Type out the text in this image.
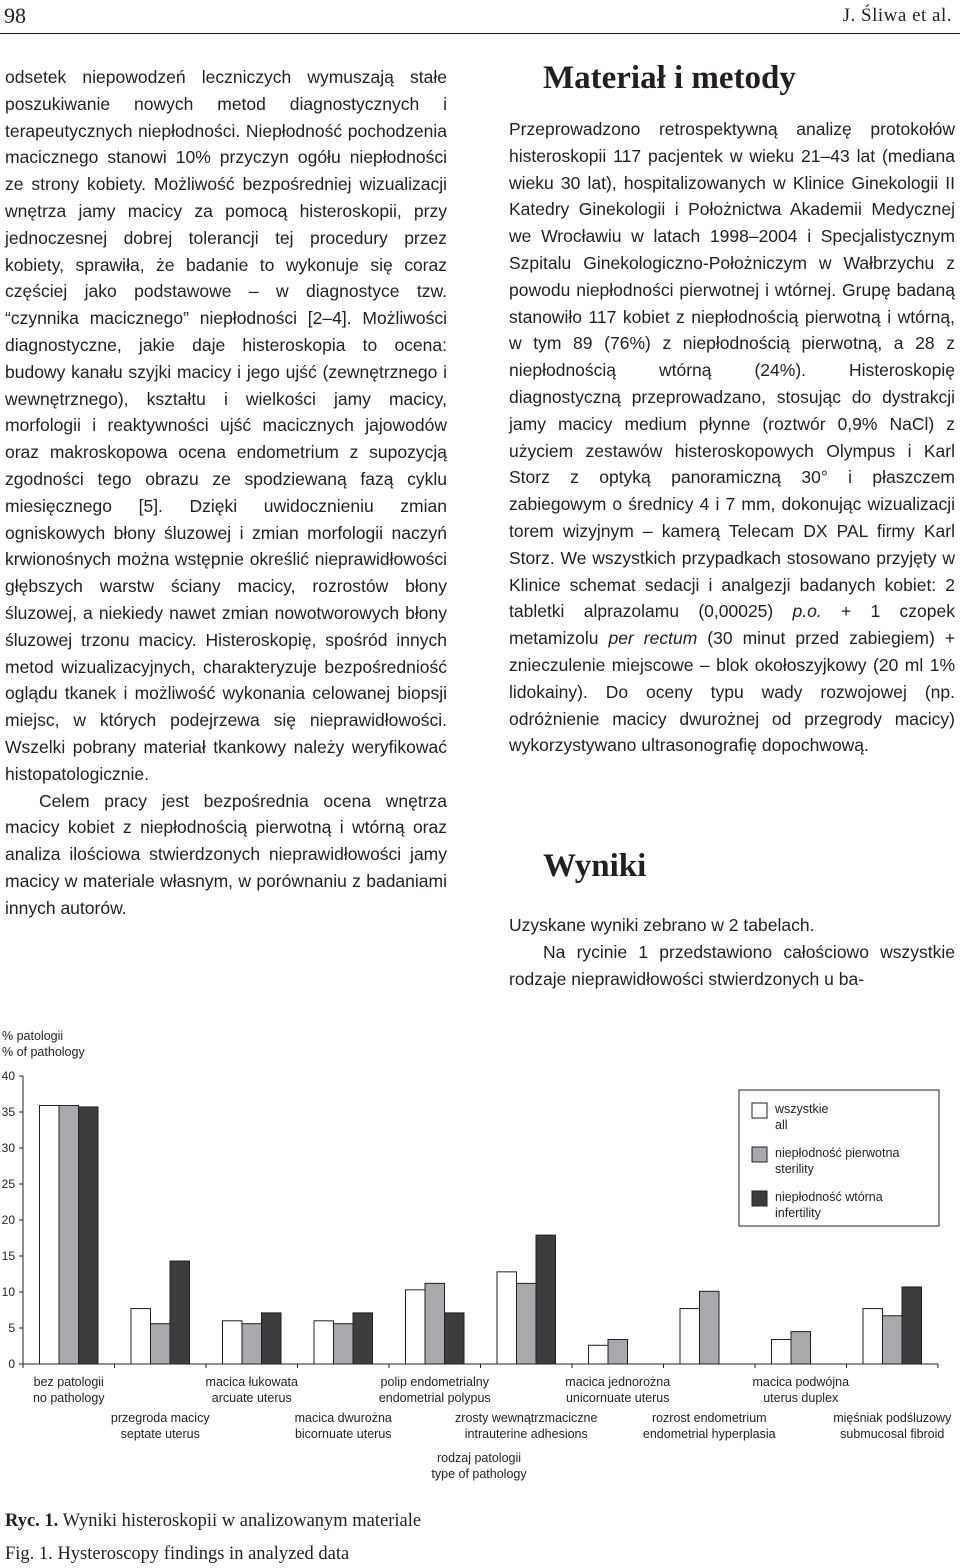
98	J. Śliwa et al.

odsetek niepowodzeń leczniczych wymuszają stałe poszukiwanie nowych metod diagnostycznych i terapeutycznych niepłodności. Niepłodność pochodzenia macicznego stanowi 10% przyczyn ogółu niepłodności ze strony kobiety. Możliwość bezpośredniej wizualizacji wnętrza jamy macicy za pomocą histeroskopii, przy jednoczesnej dobrej tolerancji tej procedury przez kobiety, sprawiła, że badanie to wykonuje się coraz częściej jako podstawowe – w diagnostyce tzw. “czynnika macicznego” niepłodności [2–4]. Możliwości diagnostyczne, jakie daje histeroskopia to ocena: budowy kanału szyjki macicy i jego ujść (zewnętrznego i wewnętrznego), kształtu i wielkości jamy macicy, morfologii i reaktywności ujść macicznych jajowodów oraz makroskopowa ocena endometrium z supozycją zgodności tego obrazu ze spodziewaną fazą cyklu miesięcznego [5]. Dzięki uwidocznieniu zmian ogniskowych błony śluzowej i zmian morfologii naczyń krwionośnych można wstępnie określić nieprawidłowości głębszych warstw ściany macicy, rozrostów błony śluzowej, a niekiedy nawet zmian nowotworowych błony śluzowej trzonu macicy. Histeroskopię, spośród innych metod wizualizacyjnych, charakteryzuje bezpośredniość oglądu tkanek i możliwość wykonania celowanej biopsji miejsc, w których podejrzewa się nieprawidłowości. Wszelki pobrany materiał tkankowy należy weryfikować histopatologicznie.

Celem pracy jest bezpośrednia ocena wnętrza macicy kobiet z niepłodnością pierwotną i wtórną oraz analiza ilościowa stwierdzonych nieprawidłowości jamy macicy w materiale własnym, w porównaniu z badaniami innych autorów.

Materiał i metody

Przeprowadzono retrospektywną analizę protokołów histeroskopii 117 pacjentek w wieku 21–43 lat (mediana wieku 30 lat), hospitalizowanych w Klinice Ginekologii II Katedry Ginekologii i Położnictwa Akademii Medycznej we Wrocławiu w latach 1998–2004 i Specjalistycznym Szpitalu Ginekologiczno-Położniczym w Wałbrzychu z powodu niepłodności pierwotnej i wtórnej. Grupę badaną stanowiło 117 kobiet z niepłodnością pierwotną i wtórną, w tym 89 (76%) z niepłodnością pierwotną, a 28 z niepłodnością wtórną (24%). Histeroskopię diagnostyczną przeprowadzano, stosując do dystrakcji jamy macicy medium płynne (roztwór 0,9% NaCl) z użyciem zestawów histeroskopowych Olympus i Karl Storz z optyką panoramiczną 30° i płaszczem zabiegowym o średnicy 4 i 7 mm, dokonując wizualizacji torem wizyjnym – kamerą Telecam DX PAL firmy Karl Storz. We wszystkich przypadkach stosowano przyjęty w Klinice schemat sedacji i analgezji badanych kobiet: 2 tabletki alprazolamu (0,00025) p.o. + 1 czopek metamizolu per rectum (30 minut przed zabiegiem) + znieczulenie miejscowe – blok okołoszyjkowy (20 ml 1% lidokainy). Do oceny typu wady rozwojowej (np. odróżnienie macicy dwurożnej od przegrody macicy) wykorzystywano ultrasonografię dopochwową.

Wyniki

Uzyskane wyniki zebrano w 2 tabelach.

Na rycinie 1 przedstawiono całościowo wszystkie rodzaje nieprawidłowości stwierdzonych u ba-

% patologii
% of pathology
0
5
10
15
20
25
30
35
40
bez patologii
no pathology
przegroda macicy
septate uterus
macica łukowata
arcuate uterus
macica dwurożna
bicornuate uterus
polip endometrialny
endometrial polypus
zrosty wewnątrzmaciczne
intrauterine adhesions
macica jednorożna
unicornuate uterus
rozrost endometrium
endometrial hyperplasia
macica podwójna
uterus duplex
mięśniak podśluzowy
submucosal fibroid
rodzaj patologii
type of pathology
wszystkie
all
niepłodność pierwotna
sterility
niepłodność wtórna
infertility
Ryc. 1. Wyniki histeroskopii w analizowanym materiale
Fig. 1. Hysteroscopy findings in analyzed data
